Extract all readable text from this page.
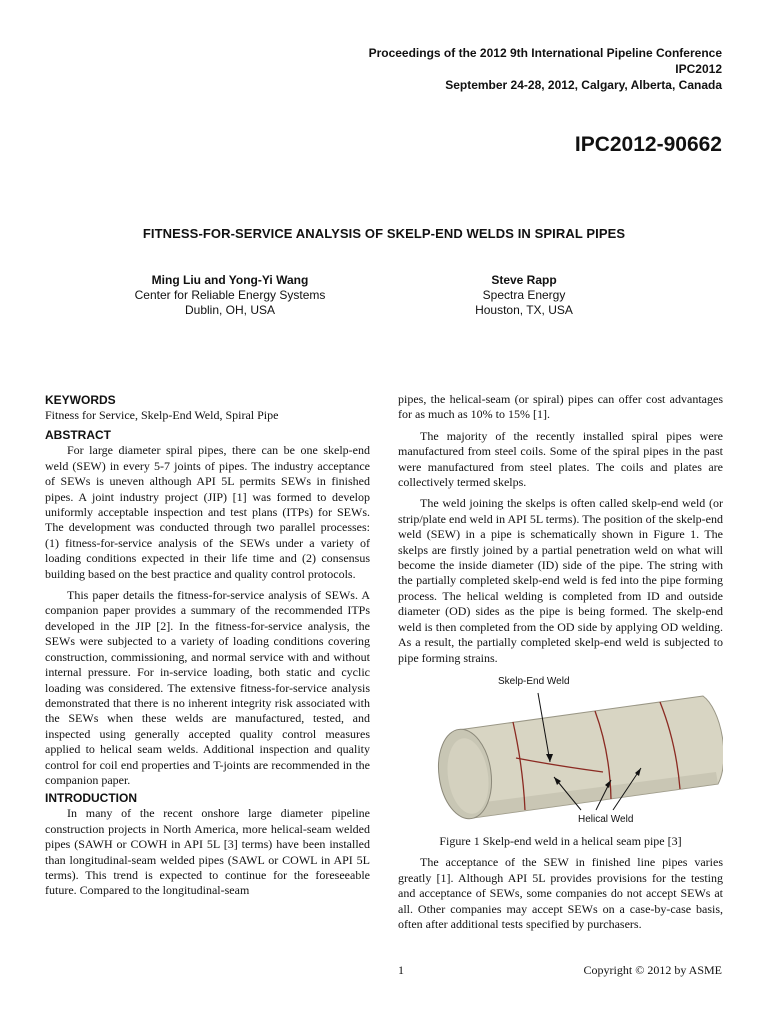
Proceedings of the 2012 9th International Pipeline Conference
IPC2012
September 24-28, 2012, Calgary, Alberta, Canada
IPC2012-90662
FITNESS-FOR-SERVICE ANALYSIS OF SKELP-END WELDS IN SPIRAL PIPES
Ming Liu and Yong-Yi Wang
Center for Reliable Energy Systems
Dublin, OH, USA
Steve Rapp
Spectra Energy
Houston, TX, USA
KEYWORDS

Fitness for Service, Skelp-End Weld, Spiral Pipe

ABSTRACT

For large diameter spiral pipes, there can be one skelp-end weld (SEW) in every 5-7 joints of pipes. The industry acceptance of SEWs is uneven although API 5L permits SEWs in finished pipes. A joint industry project (JIP) [1] was formed to develop uniformly acceptable inspection and test plans (ITPs) for SEWs. The development was conducted through two parallel processes: (1) fitness-for-service analysis of the SEWs under a variety of loading conditions expected in their life time and (2) consensus building based on the best practice and quality control protocols.

This paper details the fitness-for-service analysis of SEWs. A companion paper provides a summary of the recommended ITPs developed in the JIP [2]. In the fitness-for-service analysis, the SEWs were subjected to a variety of loading conditions covering construction, commissioning, and normal service with and without internal pressure. For in-service loading, both static and cyclic loading was considered. The extensive fitness-for-service analysis demonstrated that there is no inherent integrity risk associated with the SEWs when these welds are manufactured, tested, and inspected using generally accepted quality control measures applied to helical seam welds. Additional inspection and quality control for coil end properties and T-joints are recommended in the companion paper.

INTRODUCTION

In many of the recent onshore large diameter pipeline construction projects in North America, more helical-seam welded pipes (SAWH or COWH in API 5L [3] terms) have been installed than longitudinal-seam welded pipes (SAWL or COWL in API 5L terms). This trend is expected to continue for the foreseeable future. Compared to the longitudinal-seam

pipes, the helical-seam (or spiral) pipes can offer cost advantages for as much as 10% to 15% [1].

The majority of the recently installed spiral pipes were manufactured from steel coils. Some of the spiral pipes in the past were manufactured from steel plates. The coils and plates are collectively termed skelps.

The weld joining the skelps is often called skelp-end weld (or strip/plate end weld in API 5L terms). The position of the skelp-end weld (SEW) in a pipe is schematically shown in Figure 1. The skelps are firstly joined by a partial penetration weld on what will become the inside diameter (ID) side of the pipe. The string with the partially completed skelp-end weld is fed into the pipe forming process. The helical welding is completed from ID and outside diameter (OD) sides as the pipe is being formed. The skelp-end weld is then completed from the OD side by applying OD welding. As a result, the partially completed skelp-end weld is subjected to pipe forming strains.

Skelp-End Weld
Helical Weld

Figure 1 Skelp-end weld in a helical seam pipe [3]

The acceptance of the SEW in finished line pipes varies greatly [1]. Although API 5L provides provisions for the testing and acceptance of SEWs, some companies do not accept SEWs at all. Other companies may accept SEWs on a case-by-case basis, often after additional tests specified by purchasers.

1	Copyright © 2012 by ASME
